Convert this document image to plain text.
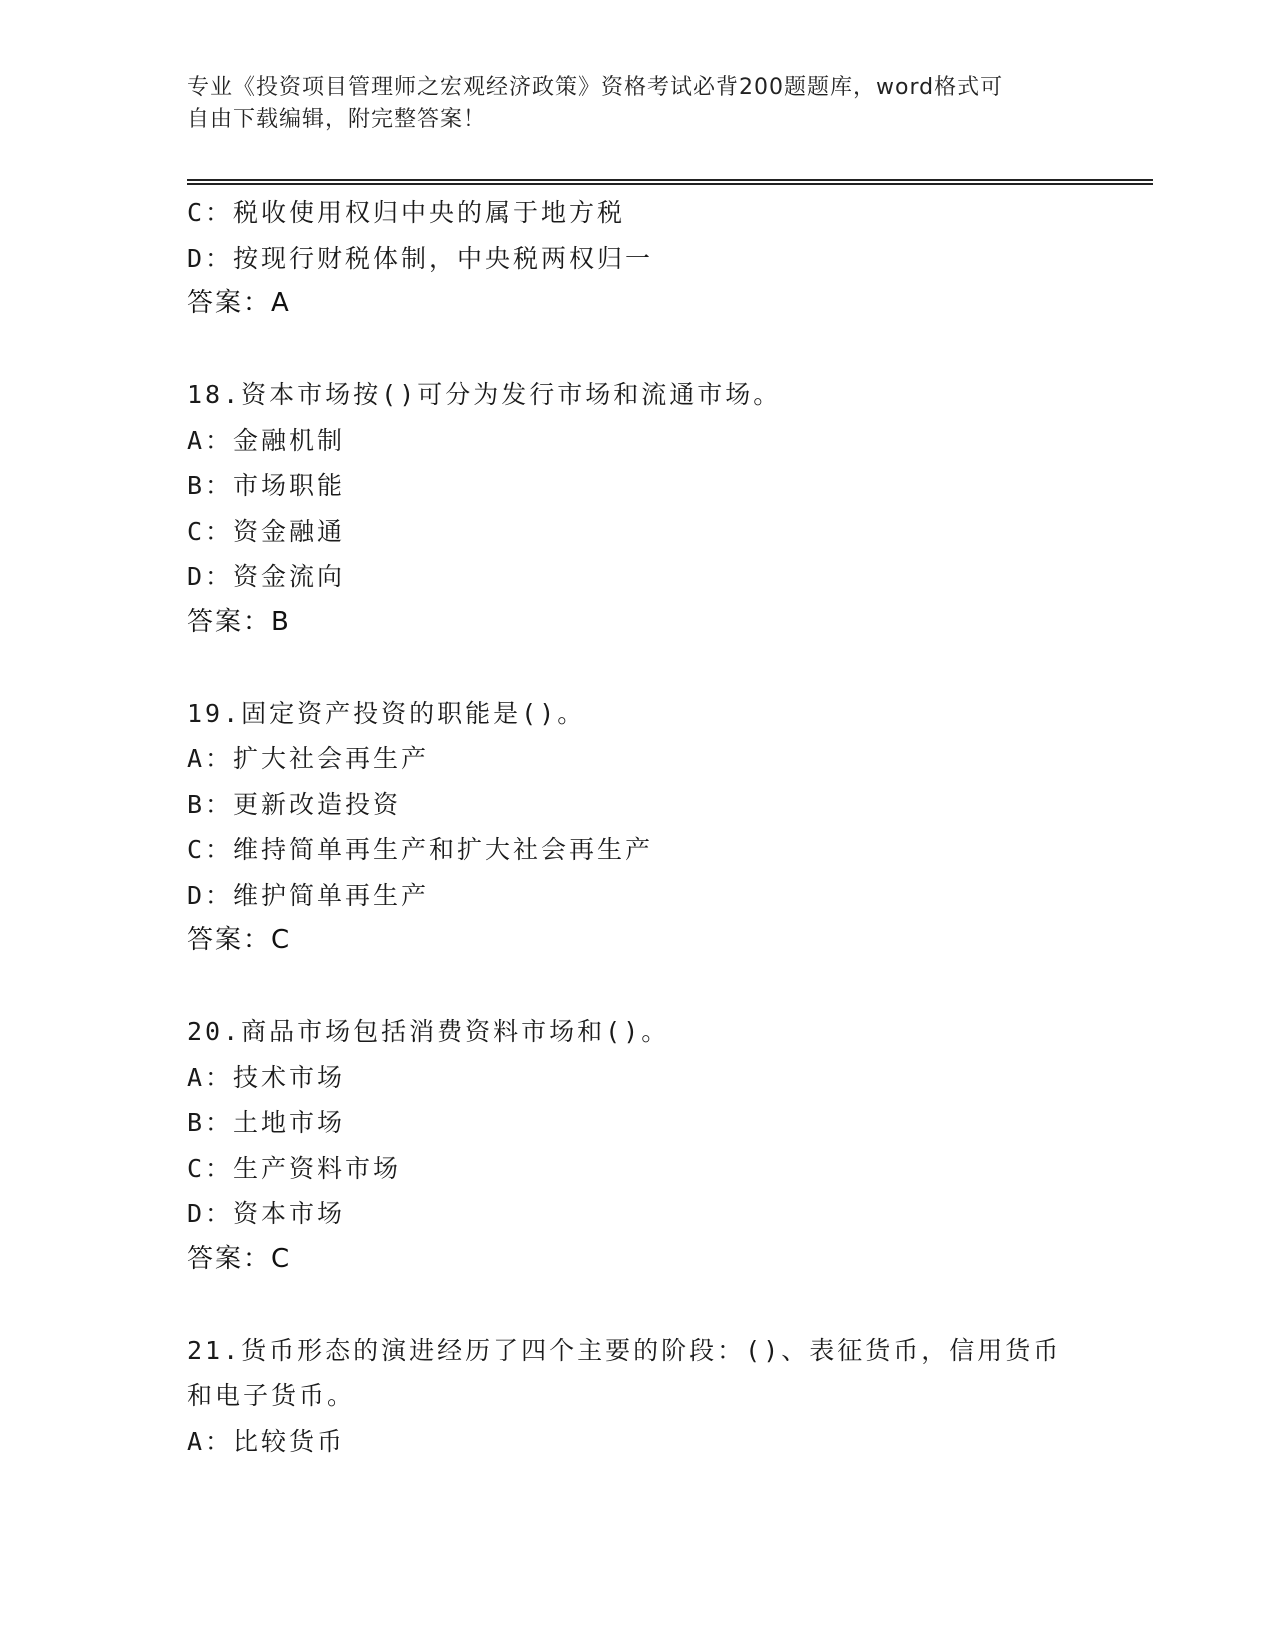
专业《投资项目管理师之宏观经济政策》资格考试必背200题题库，word格式可
自由下载编辑，附完整答案！
C：税收使用权归中央的属于地方税
D：按现行财税体制，中央税两权归一
答案：A
18.资本市场按()可分为发行市场和流通市场。
A：金融机制
B：市场职能
C：资金融通
D：资金流向
答案：B
19.固定资产投资的职能是()。
A：扩大社会再生产
B：更新改造投资
C：维持简单再生产和扩大社会再生产
D：维护简单再生产
答案：C
20.商品市场包括消费资料市场和()。
A：技术市场
B：土地市场
C：生产资料市场
D：资本市场
答案：C
21.货币形态的演进经历了四个主要的阶段：()、表征货币，信用货币
和电子货币。
A：比较货币
